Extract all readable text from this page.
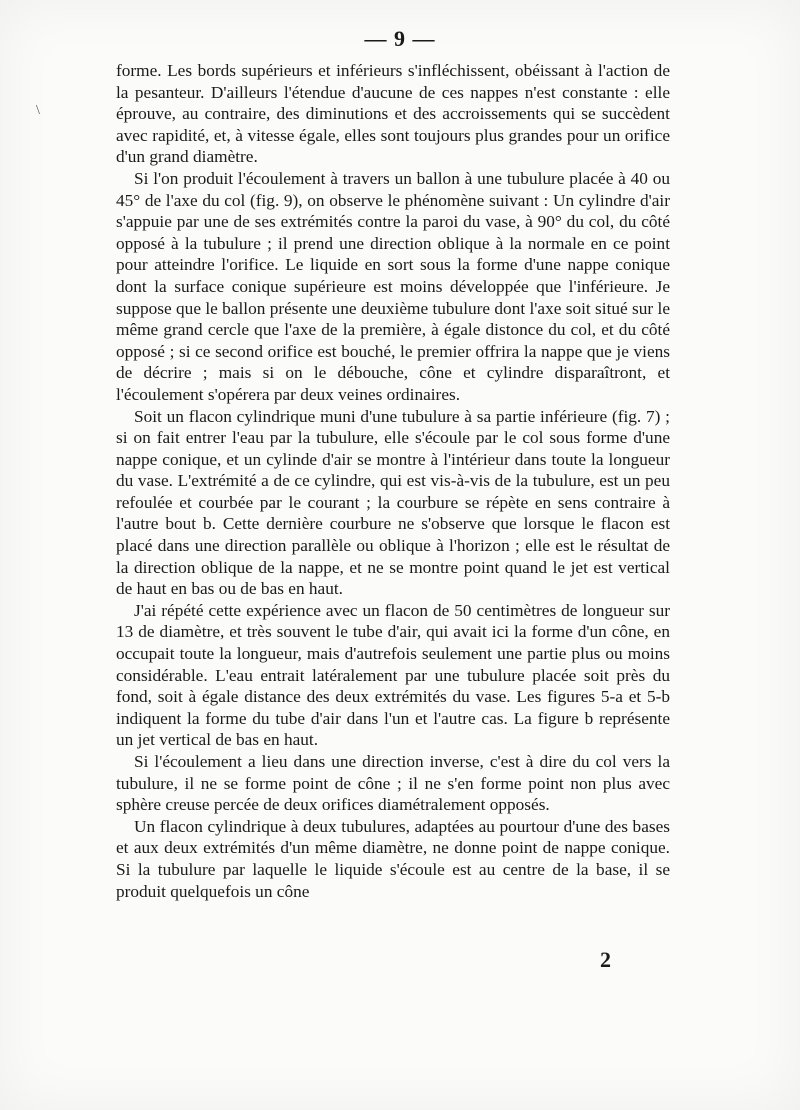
\
— 9 —

forme. Les bords supérieurs et inférieurs s'infléchissent, obéissant à l'action de la pesanteur. D'ailleurs l'étendue d'aucune de ces nappes n'est constante : elle éprouve, au contraire, des diminutions et des accroissements qui se succèdent avec rapidité, et, à vitesse égale, elles sont toujours plus grandes pour un orifice d'un grand diamètre.

Si l'on produit l'écoulement à travers un ballon à une tubulure placée à 40 ou 45° de l'axe du col (fig. 9), on observe le phénomène suivant : Un cylindre d'air s'appuie par une de ses extrémités contre la paroi du vase, à 90° du col, du côté opposé à la tubulure ; il prend une direction oblique à la normale en ce point pour atteindre l'orifice. Le liquide en sort sous la forme d'une nappe conique dont la surface conique supérieure est moins développée que l'inférieure. Je suppose que le ballon présente une deuxième tubulure dont l'axe soit situé sur le même grand cercle que l'axe de la première, à égale distonce du col, et du côté opposé ; si ce second orifice est bouché, le premier offrira la nappe que je viens de décrire ; mais si on le débouche, cône et cylindre disparaîtront, et l'écoulement s'opérera par deux veines ordinaires.

Soit un flacon cylindrique muni d'une tubulure à sa partie inférieure (fig. 7) ; si on fait entrer l'eau par la tubulure, elle s'écoule par le col sous forme d'une nappe conique, et un cylinde d'air se montre à l'intérieur dans toute la longueur du vase. L'extrémité a de ce cylindre, qui est vis-à-vis de la tubulure, est un peu refoulée et courbée par le courant ; la courbure se répète en sens contraire à l'autre bout b. Cette dernière courbure ne s'observe que lorsque le flacon est placé dans une direction parallèle ou oblique à l'horizon ; elle est le résultat de la direction oblique de la nappe, et ne se montre point quand le jet est vertical de haut en bas ou de bas en haut.

J'ai répété cette expérience avec un flacon de 50 centimètres de longueur sur 13 de diamètre, et très souvent le tube d'air, qui avait ici la forme d'un cône, en occupait toute la longueur, mais d'autrefois seulement une partie plus ou moins considérable. L'eau entrait latéralement par une tubulure placée soit près du fond, soit à égale distance des deux extrémités du vase. Les figures 5-a et 5-b indiquent la forme du tube d'air dans l'un et l'autre cas. La figure b représente un jet vertical de bas en haut.

Si l'écoulement a lieu dans une direction inverse, c'est à dire du col vers la tubulure, il ne se forme point de cône ; il ne s'en forme point non plus avec sphère creuse percée de deux orifices diamétralement opposés.

Un flacon cylindrique à deux tubulures, adaptées au pourtour d'une des bases et aux deux extrémités d'un même diamètre, ne donne point de nappe conique. Si la tubulure par laquelle le liquide s'écoule est au centre de la base, il se produit quelquefois un cône

2
